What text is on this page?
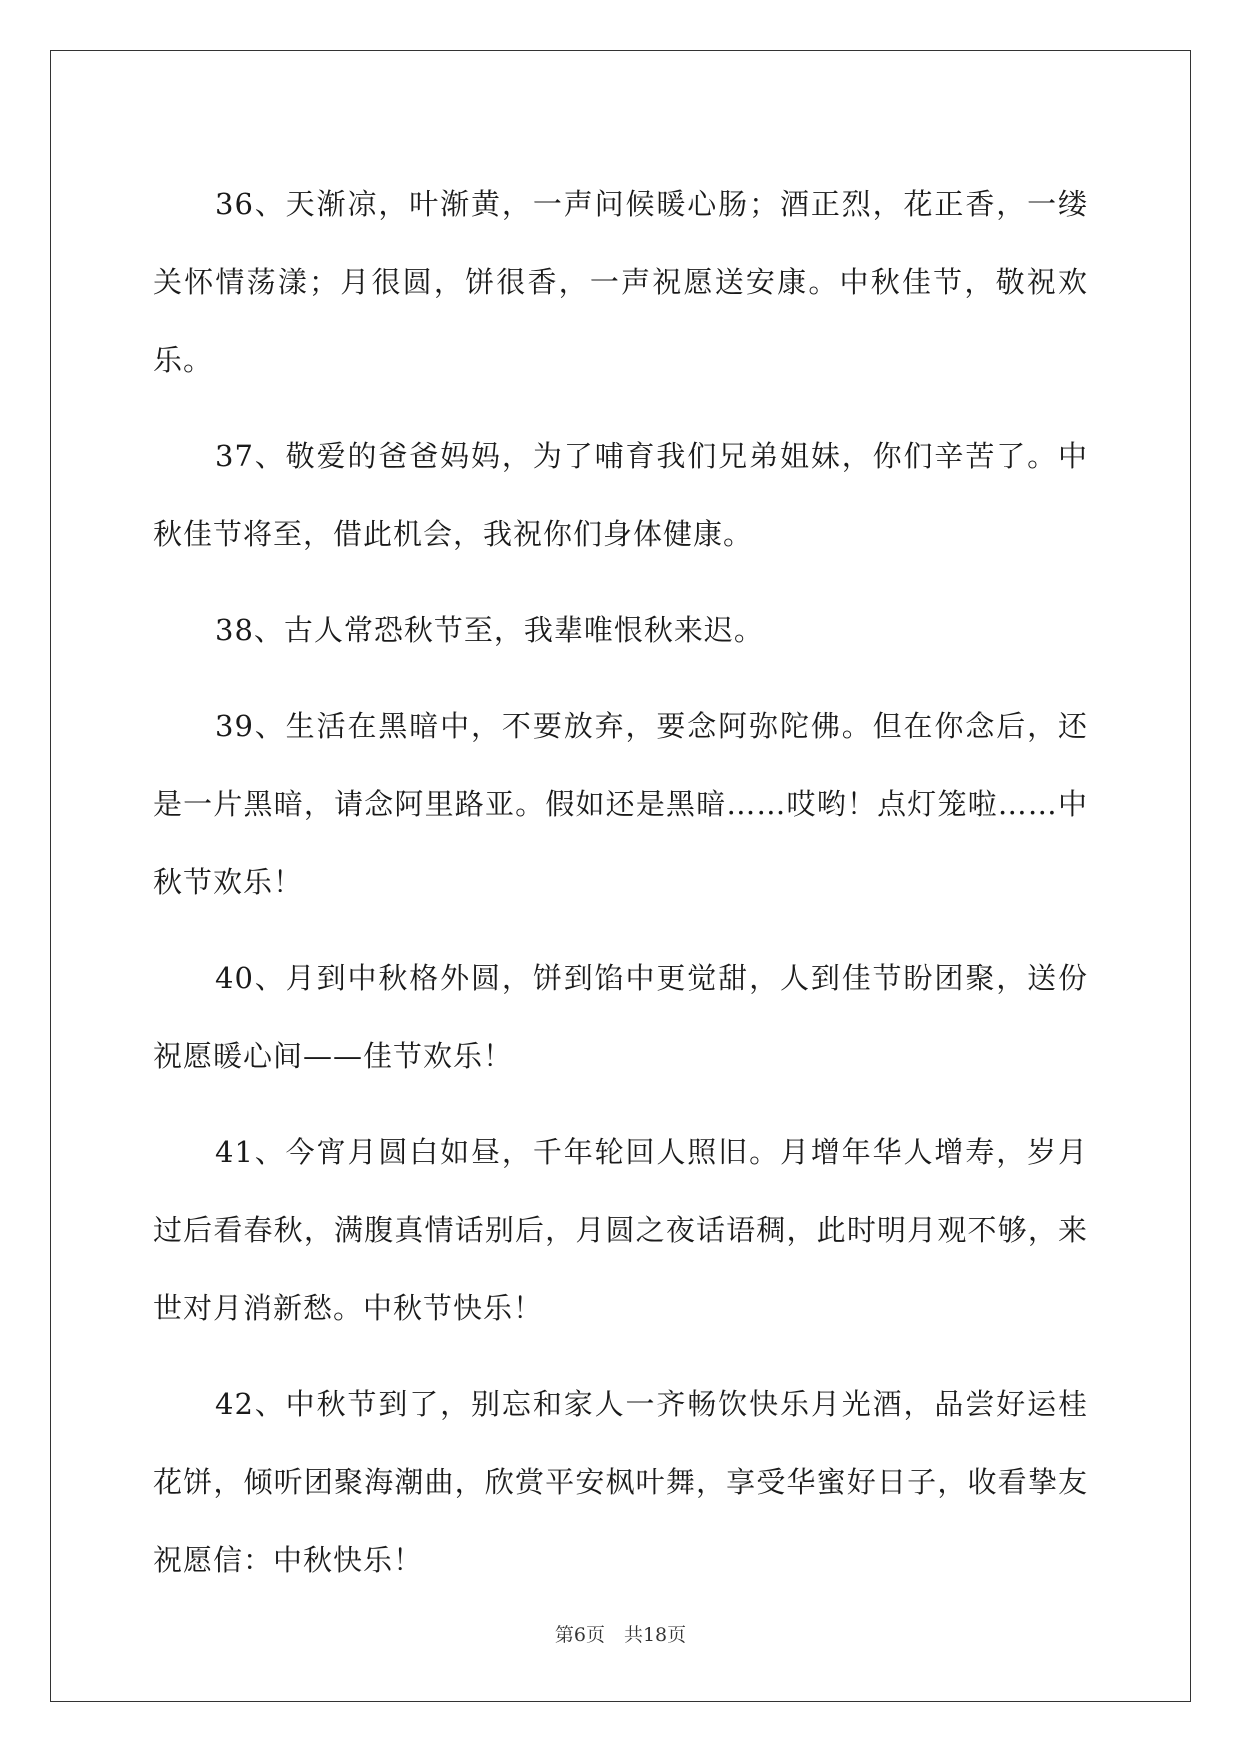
36、天渐凉，叶渐黄，一声问候暖心肠；酒正烈，花正香，一缕关怀情荡漾；月很圆，饼很香，一声祝愿送安康。中秋佳节，敬祝欢乐。

37、敬爱的爸爸妈妈，为了哺育我们兄弟姐妹，你们辛苦了。中秋佳节将至，借此机会，我祝你们身体健康。

38、古人常恐秋节至，我辈唯恨秋来迟。

39、生活在黑暗中，不要放弃，要念阿弥陀佛。但在你念后，还是一片黑暗，请念阿里路亚。假如还是黑暗……哎哟！点灯笼啦……中秋节欢乐！

40、月到中秋格外圆，饼到馅中更觉甜，人到佳节盼团聚，送份祝愿暖心间——佳节欢乐！

41、今宵月圆白如昼，千年轮回人照旧。月增年华人增寿，岁月过后看春秋，满腹真情话别后，月圆之夜话语稠，此时明月观不够，来世对月消新愁。中秋节快乐！

42、中秋节到了，别忘和家人一齐畅饮快乐月光酒，品尝好运桂花饼，倾听团聚海潮曲，欣赏平安枫叶舞，享受华蜜好日子，收看挚友祝愿信：中秋快乐！

第6页　共18页
